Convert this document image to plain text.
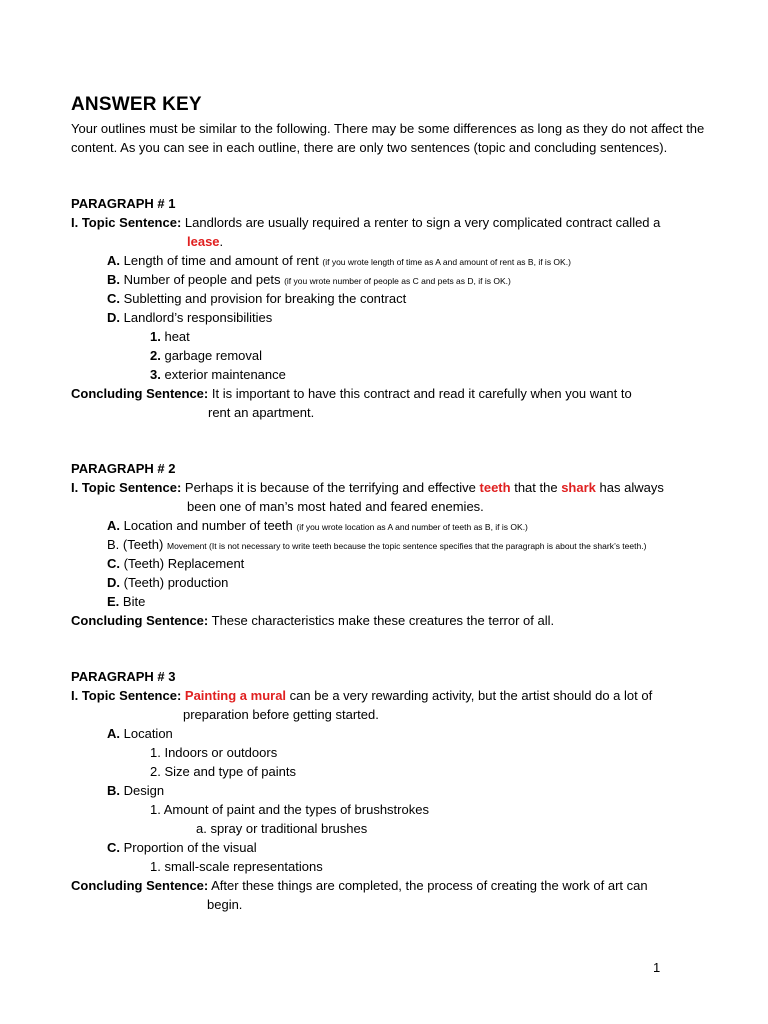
ANSWER KEY
Your outlines must be similar to the following. There may be some differences as long as they do not affect the content. As you can see in each outline, there are only two sentences (topic and concluding sentences).
PARAGRAPH # 1
I. Topic Sentence: Landlords are usually required a renter to sign a very complicated contract called a
lease.
A. Length of time and amount of rent (if you wrote length of time as A and amount of rent as B, if is OK.)
B. Number of people and pets (if you wrote number of people as C and pets as D, if is OK.)
C. Subletting and provision for breaking the contract
D. Landlord’s responsibilities
1. heat
2. garbage removal
3. exterior maintenance
Concluding Sentence: It is important to have this contract and read it carefully when you want to
rent an apartment.
PARAGRAPH # 2
I. Topic Sentence: Perhaps it is because of the terrifying and effective teeth that the shark has always
been one of man’s most hated and feared enemies.
A. Location and number of teeth (if you wrote location as A and number of teeth as B, if is OK.)
B. (Teeth) Movement (It is not necessary to write teeth because the topic sentence specifies that the paragraph is about the shark’s teeth.)
C. (Teeth) Replacement
D. (Teeth) production
E. Bite
Concluding Sentence: These characteristics make these creatures the terror of all.
PARAGRAPH # 3
I. Topic Sentence: Painting a mural can be a very rewarding activity, but the artist should do a lot of
preparation before getting started.
A. Location
1. Indoors or outdoors
2. Size and type of paints
B. Design
1. Amount of paint and the types of brushstrokes
a. spray or traditional brushes
C. Proportion of the visual
1. small-scale representations
Concluding Sentence: After these things are completed, the process of creating the work of art can
begin.
1
